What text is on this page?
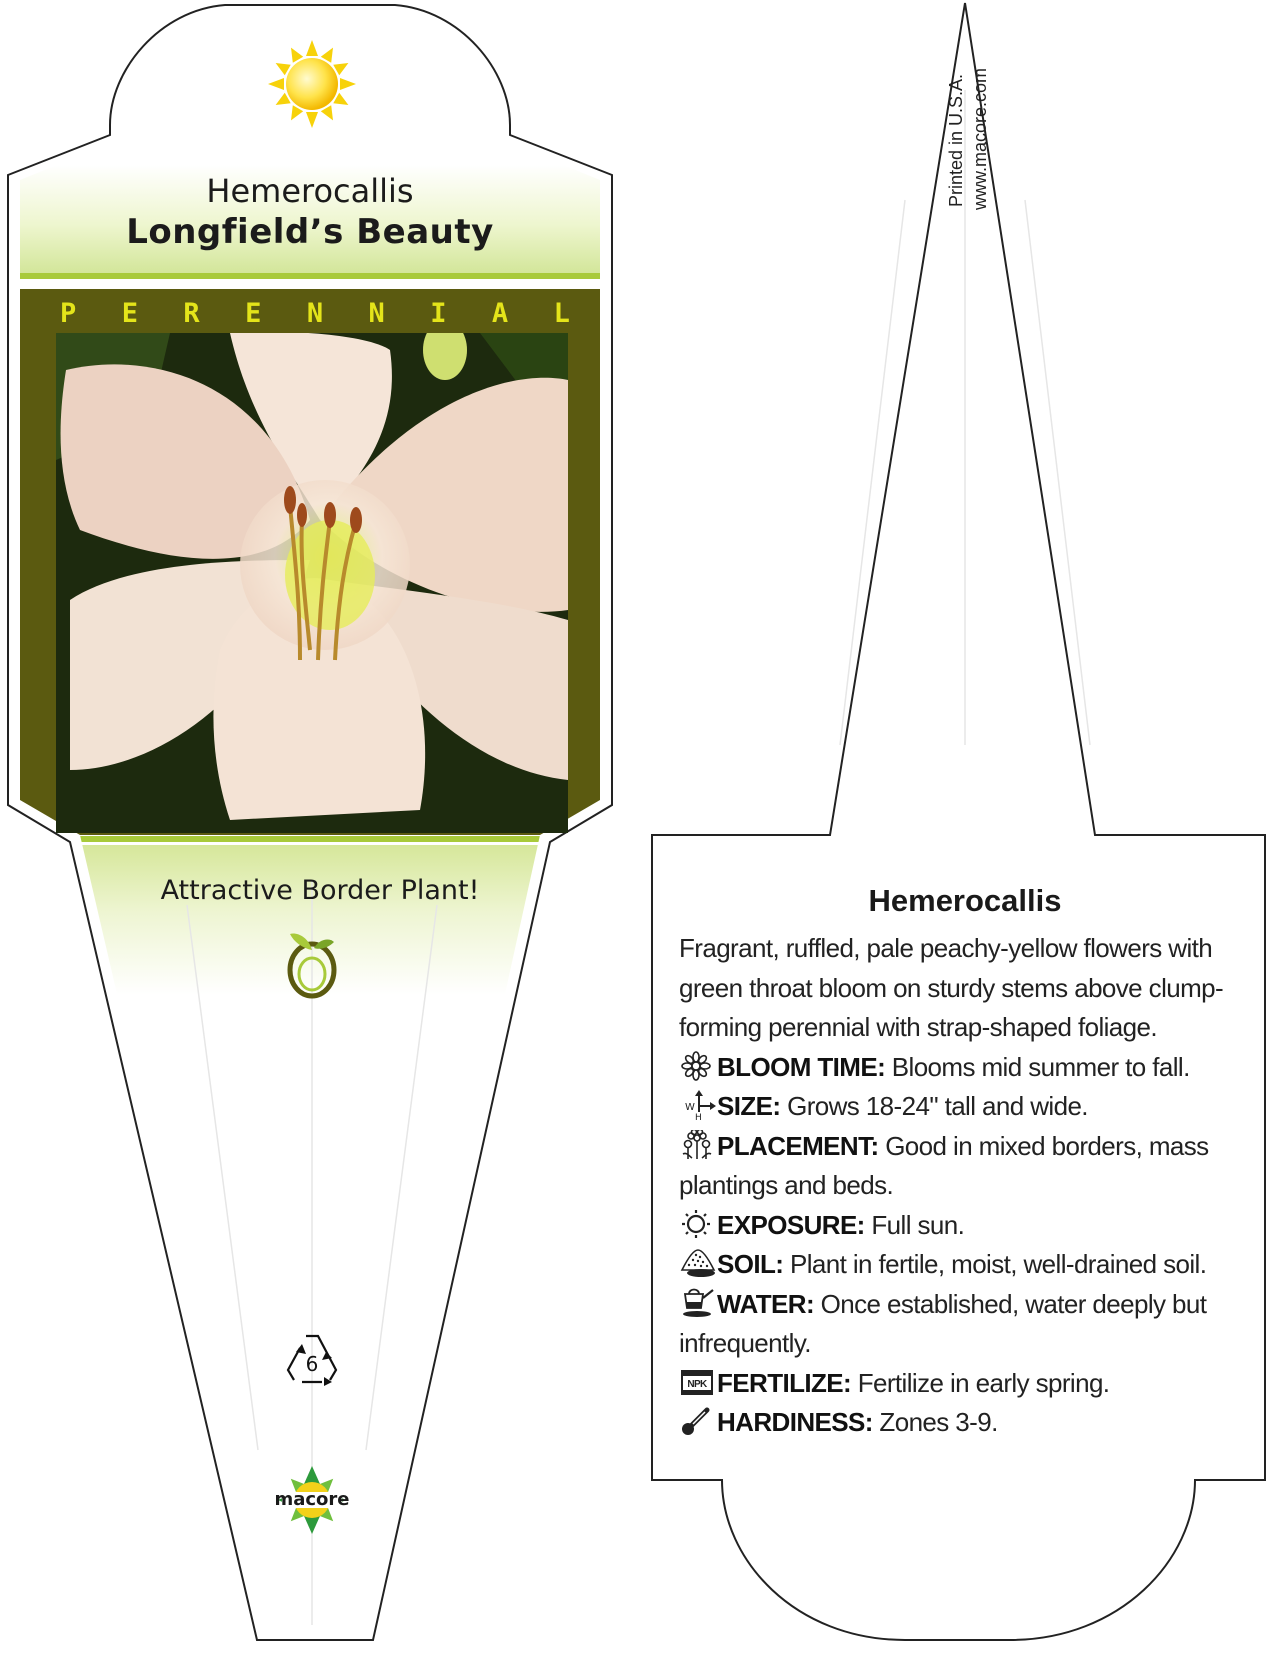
Hemerocallis
Longfield’s Beauty
P E R E N N I A L
Attractive Border Plant!
6
macore
Printed in U.S.A. www.macore.com
Hemerocallis

Fragrant, ruffled, pale peachy-yellow flowers with green throat bloom on sturdy stems above clump-forming perennial with strap-shaped foliage.

BLOOM TIME: Blooms mid summer to fall.
W
H SIZE: Grows 18-24" tall and wide.
PLACEMENT: Good in mixed borders, mass plantings and beds.
EXPOSURE: Full sun.
SOIL: Plant in fertile, moist, well-drained soil.
WATER: Once established, water deeply but infrequently.
NPK FERTILIZE: Fertilize in early spring.
HARDINESS: Zones 3-9.
